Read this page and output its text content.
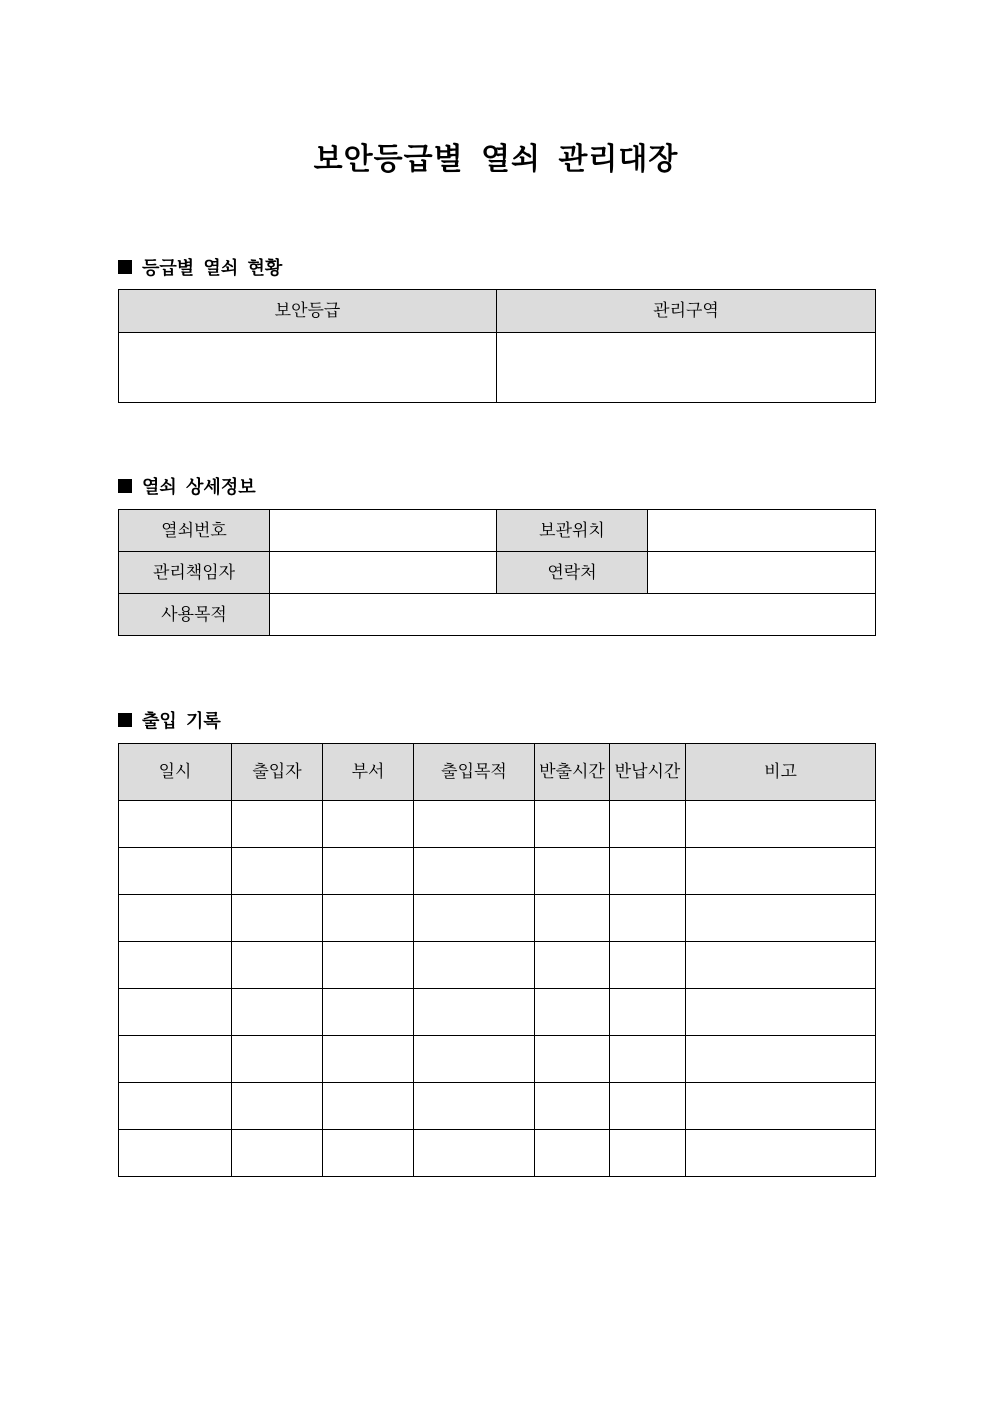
보안등급별 열쇠 관리대장
등급별 열쇠 현황
보안등급	관리구역

열쇠 상세정보
열쇠번호		보관위치	
관리책임자		연락처	
사용목적			
출입 기록
일시	출입자	부서	출입목적	반출시간	반납시간	비고
